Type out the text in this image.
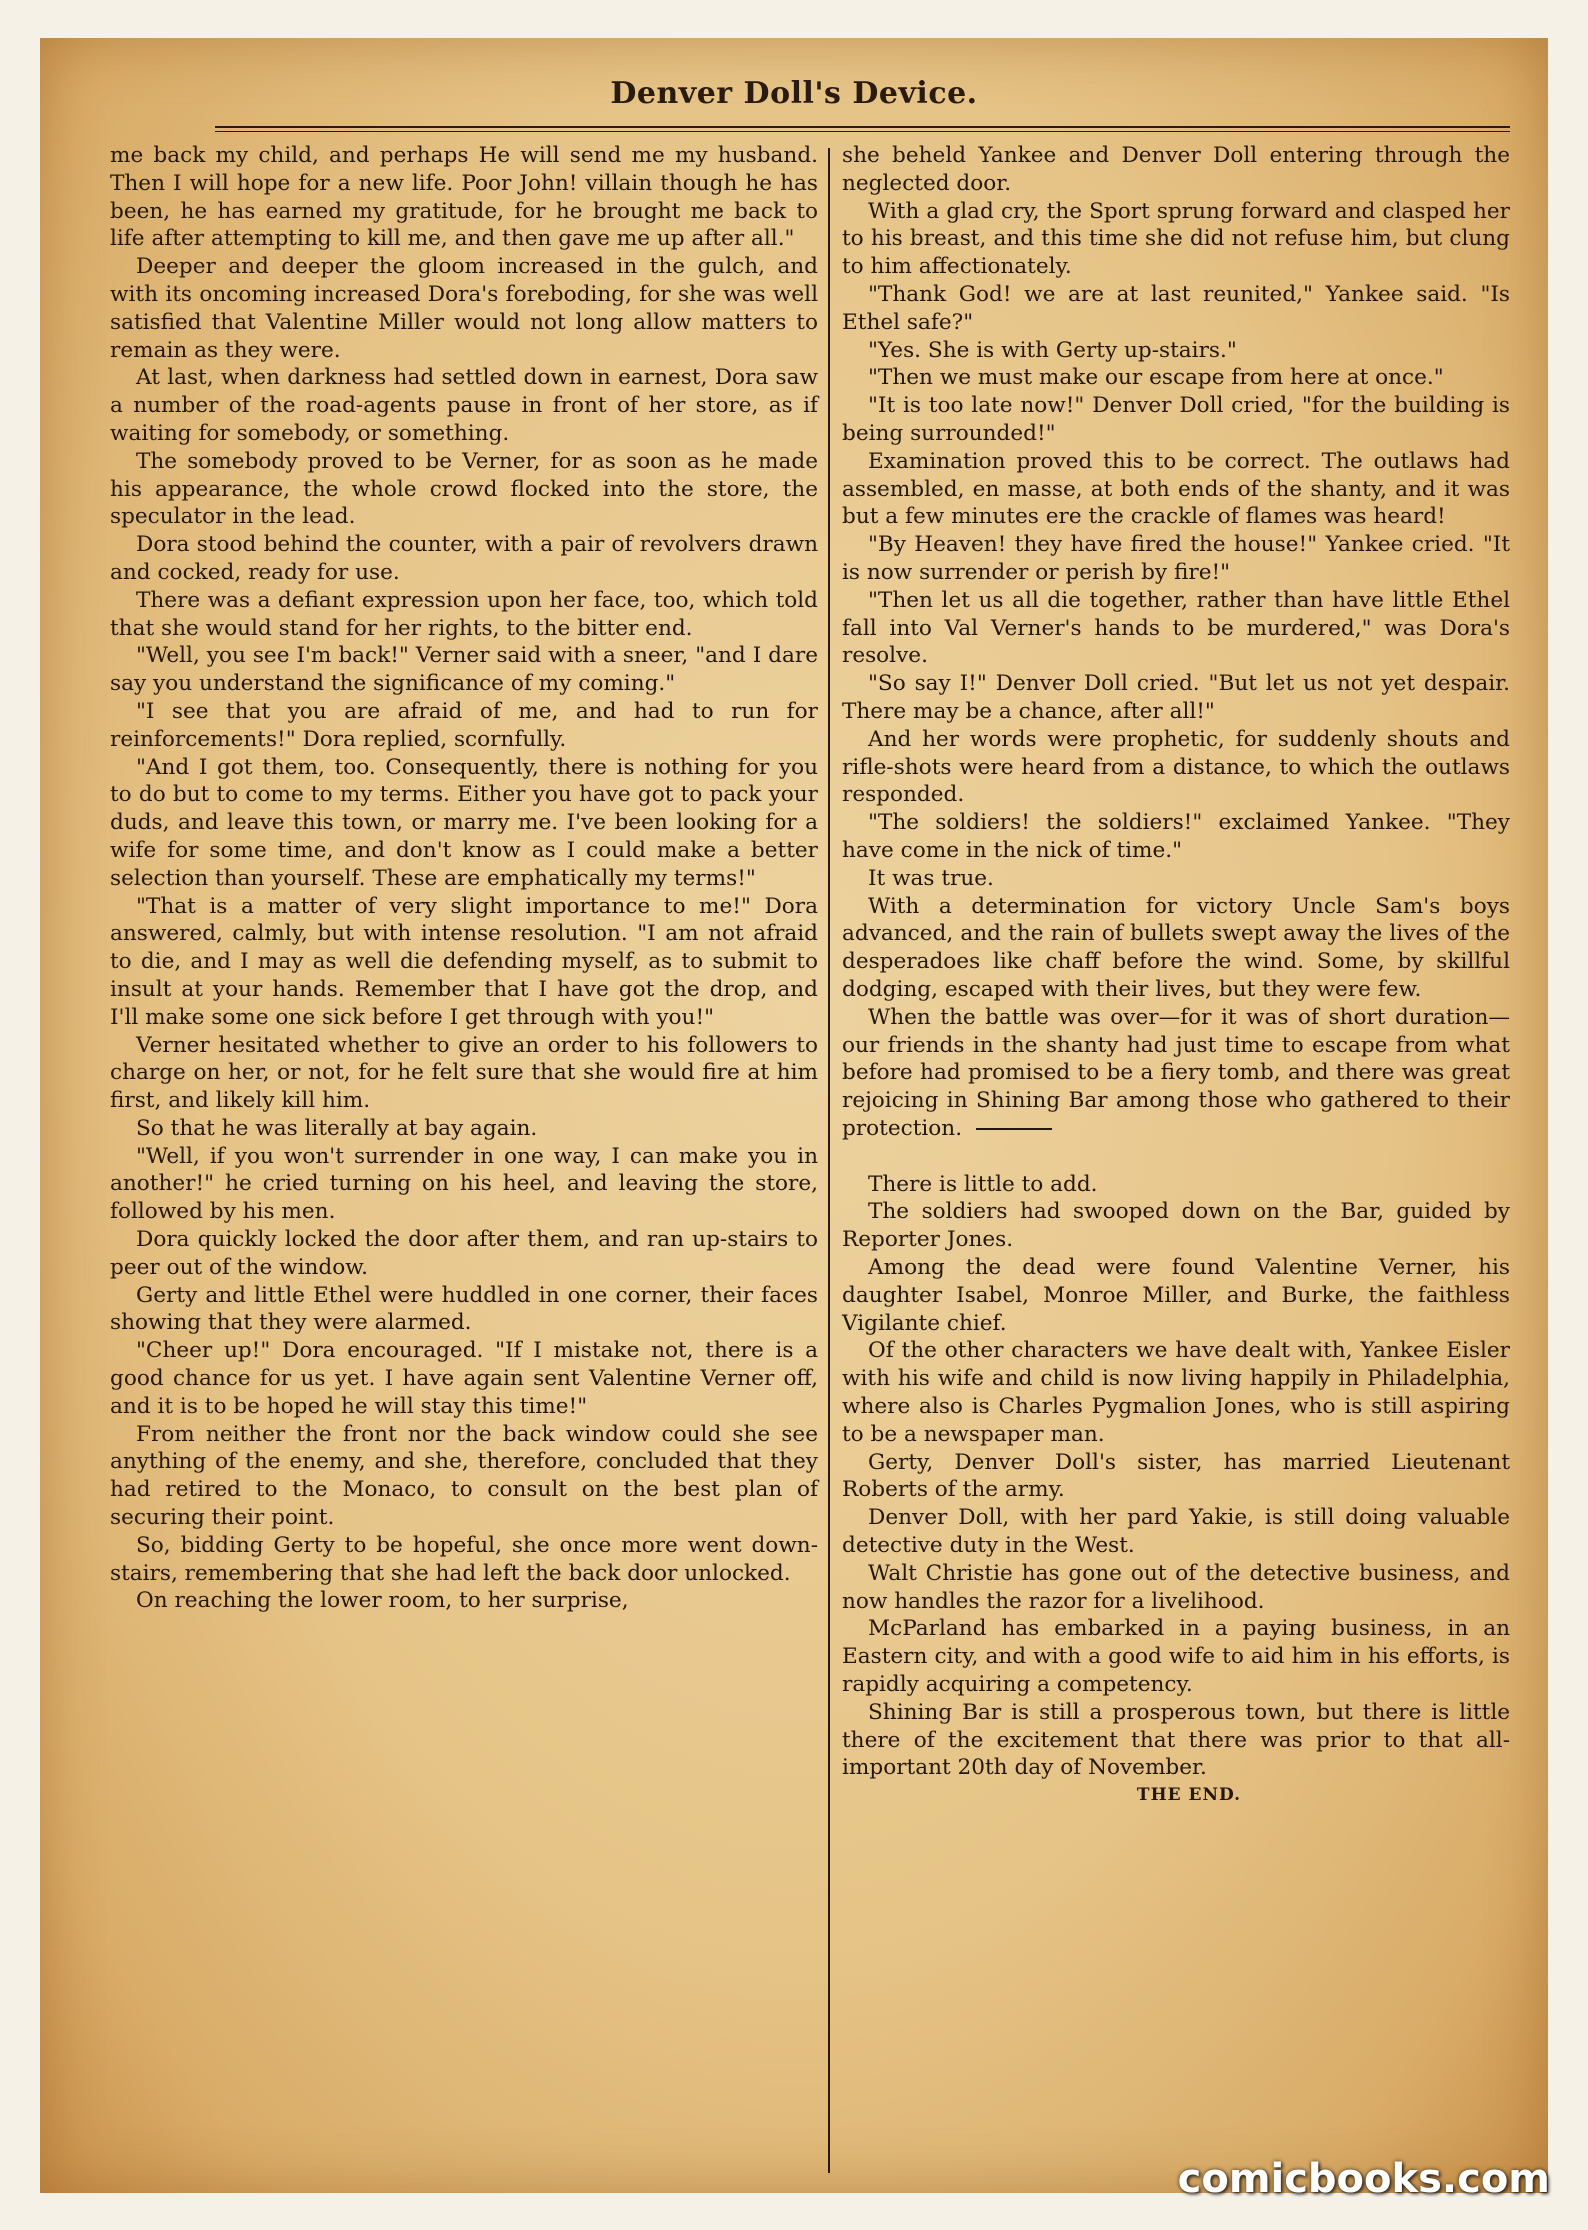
Denver Doll's Device.

me back my child, and perhaps He will send me my husband. Then I will hope for a new life. Poor John! villain though he has been, he has earned my gratitude, for he brought me back to life after attempting to kill me, and then gave me up after all."

Deeper and deeper the gloom increased in the gulch, and with its oncoming increased Dora's foreboding, for she was well satisfied that Valentine Miller would not long allow matters to remain as they were.

At last, when darkness had settled down in earnest, Dora saw a number of the road-agents pause in front of her store, as if waiting for somebody, or something.

The somebody proved to be Verner, for as soon as he made his appearance, the whole crowd flocked into the store, the speculator in the lead.

Dora stood behind the counter, with a pair of revolvers drawn and cocked, ready for use.

There was a defiant expression upon her face, too, which told that she would stand for her rights, to the bitter end.

"Well, you see I'm back!" Verner said with a sneer, "and I dare say you understand the significance of my coming."

"I see that you are afraid of me, and had to run for reinforcements!" Dora replied, scornfully.

"And I got them, too. Consequently, there is nothing for you to do but to come to my terms. Either you have got to pack your duds, and leave this town, or marry me. I've been looking for a wife for some time, and don't know as I could make a better selection than yourself. These are emphatically my terms!"

"That is a matter of very slight importance to me!" Dora answered, calmly, but with intense resolution. "I am not afraid to die, and I may as well die defending myself, as to submit to insult at your hands. Remember that I have got the drop, and I'll make some one sick before I get through with you!"

Verner hesitated whether to give an order to his followers to charge on her, or not, for he felt sure that she would fire at him first, and likely kill him.

So that he was literally at bay again.

"Well, if you won't surrender in one way, I can make you in another!" he cried turning on his heel, and leaving the store, followed by his men.

Dora quickly locked the door after them, and ran up-stairs to peer out of the window.

Gerty and little Ethel were huddled in one corner, their faces showing that they were alarmed.

"Cheer up!" Dora encouraged. "If I mistake not, there is a good chance for us yet. I have again sent Valentine Verner off, and it is to be hoped he will stay this time!"

From neither the front nor the back window could she see anything of the enemy, and she, therefore, concluded that they had retired to the Monaco, to consult on the best plan of securing their point.

So, bidding Gerty to be hopeful, she once more went down-stairs, remembering that she had left the back door unlocked.

On reaching the lower room, to her surprise,

she beheld Yankee and Denver Doll entering through the neglected door.

With a glad cry, the Sport sprung forward and clasped her to his breast, and this time she did not refuse him, but clung to him affectionately.

"Thank God! we are at last reunited," Yankee said. "Is Ethel safe?"

"Yes. She is with Gerty up-stairs."

"Then we must make our escape from here at once."

"It is too late now!" Denver Doll cried, "for the building is being surrounded!"

Examination proved this to be correct. The outlaws had assembled, en masse, at both ends of the shanty, and it was but a few minutes ere the crackle of flames was heard!

"By Heaven! they have fired the house!" Yankee cried. "It is now surrender or perish by fire!"

"Then let us all die together, rather than have little Ethel fall into Val Verner's hands to be murdered," was Dora's resolve.

"So say I!" Denver Doll cried. "But let us not yet despair. There may be a chance, after all!"

And her words were prophetic, for suddenly shouts and rifle-shots were heard from a distance, to which the outlaws responded.

"The soldiers! the soldiers!" exclaimed Yankee. "They have come in the nick of time."

It was true.

With a determination for victory Uncle Sam's boys advanced, and the rain of bullets swept away the lives of the desperadoes like chaff before the wind. Some, by skillful dodging, escaped with their lives, but they were few.

When the battle was over—for it was of short duration—our friends in the shanty had just time to escape from what before had promised to be a fiery tomb, and there was great rejoicing in Shining Bar among those who gathered to their protection.

There is little to add.

The soldiers had swooped down on the Bar, guided by Reporter Jones.

Among the dead were found Valentine Verner, his daughter Isabel, Monroe Miller, and Burke, the faithless Vigilante chief.

Of the other characters we have dealt with, Yankee Eisler with his wife and child is now living happily in Philadelphia, where also is Charles Pygmalion Jones, who is still aspiring to be a newspaper man.

Gerty, Denver Doll's sister, has married Lieutenant Roberts of the army.

Denver Doll, with her pard Yakie, is still doing valuable detective duty in the West.

Walt Christie has gone out of the detective business, and now handles the razor for a livelihood.

McParland has embarked in a paying business, in an Eastern city, and with a good wife to aid him in his efforts, is rapidly acquiring a competency.

Shining Bar is still a prosperous town, but there is little there of the excitement that there was prior to that all-important 20th day of November.

THE END.

comicbooks.com
